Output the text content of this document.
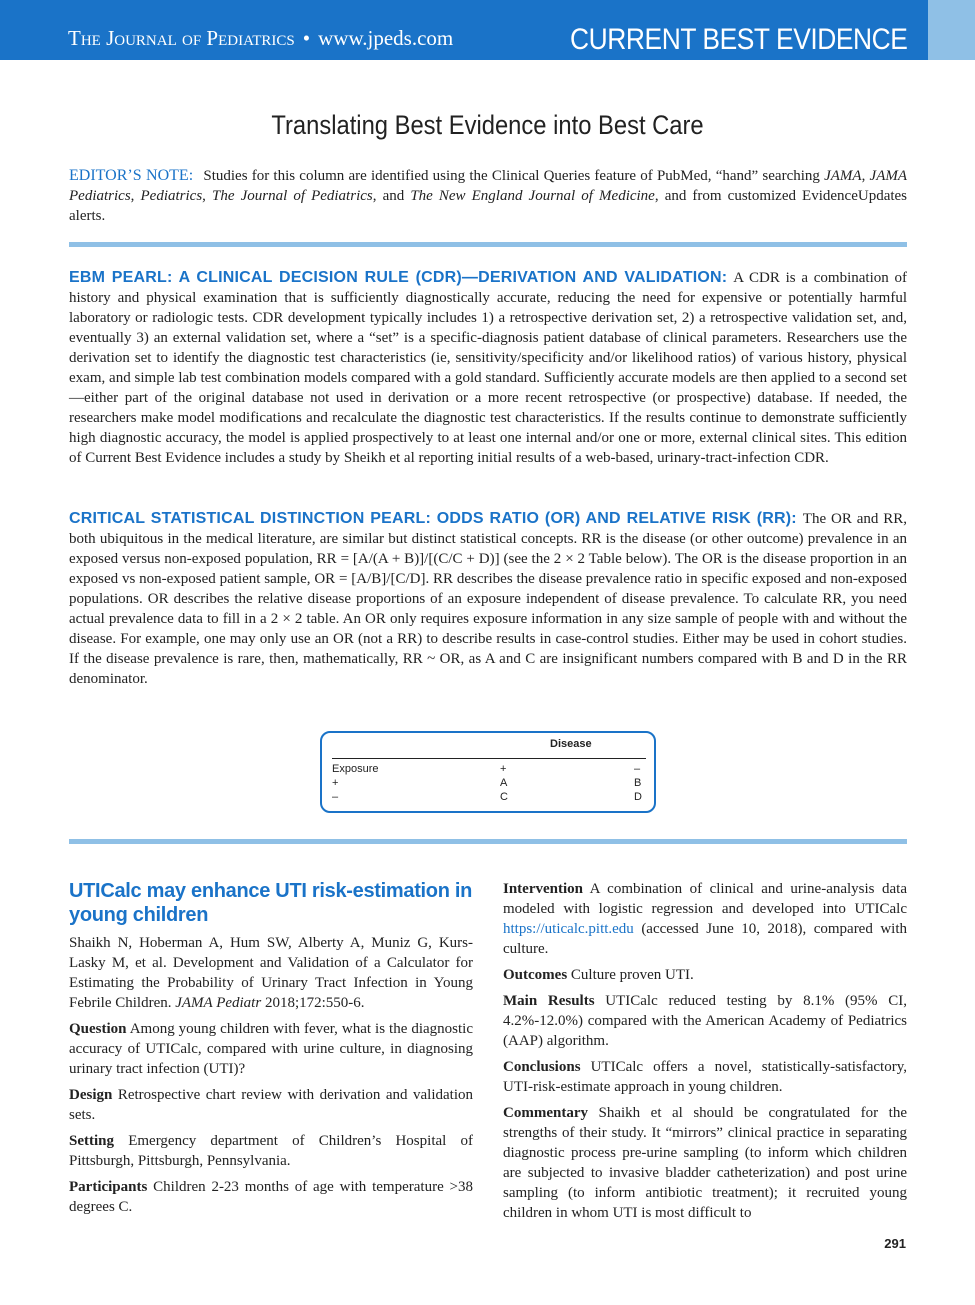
The Journal of Pediatrics • www.jpeds.com	CURRENT BEST EVIDENCE
Translating Best Evidence into Best Care
EDITOR’S NOTE: Studies for this column are identified using the Clinical Queries feature of PubMed, “hand” searching JAMA, JAMA Pediatrics, Pediatrics, The Journal of Pediatrics, and The New England Journal of Medicine, and from customized EvidenceUpdates alerts.
EBM PEARL: A CLINICAL DECISION RULE (CDR)—DERIVATION AND VALIDATION: A CDR is a combination of history and physical examination that is sufficiently diagnostically accurate, reducing the need for expensive or potentially harmful laboratory or radiologic tests. CDR development typically includes 1) a retrospective derivation set, 2) a retrospective validation set, and, eventually 3) an external validation set, where a “set” is a specific-diagnosis patient database of clinical parameters. Researchers use the derivation set to identify the diagnostic test characteristics (ie, sensitivity/specificity and/or likelihood ratios) of various history, physical exam, and simple lab test combination models compared with a gold standard. Sufficiently accurate models are then applied to a second set—either part of the original database not used in derivation or a more recent retrospective (or prospective) database. If needed, the researchers make model modifications and recalculate the diagnostic test characteristics. If the results continue to demonstrate sufficiently high diagnostic accuracy, the model is applied prospectively to at least one internal and/or one or more, external clinical sites. This edition of Current Best Evidence includes a study by Sheikh et al reporting initial results of a web-based, urinary-tract-infection CDR.
CRITICAL STATISTICAL DISTINCTION PEARL: ODDS RATIO (OR) AND RELATIVE RISK (RR): The OR and RR, both ubiquitous in the medical literature, are similar but distinct statistical concepts. RR is the disease (or other outcome) prevalence in an exposed versus non-exposed population, RR = [A/(A + B)]/[(C/C + D)] (see the 2 × 2 Table below). The OR is the disease proportion in an exposed vs non-exposed patient sample, OR = [A/B]/[C/D]. RR describes the disease prevalence ratio in specific exposed and non-exposed populations. OR describes the relative disease proportions of an exposure independent of disease prevalence. To calculate RR, you need actual prevalence data to fill in a 2 × 2 table. An OR only requires exposure information in any size sample of people with and without the disease. For example, one may only use an OR (not a RR) to describe results in case-control studies. Either may be used in cohort studies. If the disease prevalence is rare, then, mathematically, RR ~ OR, as A and C are insignificant numbers compared with B and D in the RR denominator.
Disease
Exposure	+	–
+	A	B
–	C	D
UTICalc may enhance UTI risk-estimation in young children

Shaikh N, Hoberman A, Hum SW, Alberty A, Muniz G, Kurs-Lasky M, et al. Development and Validation of a Calculator for Estimating the Probability of Urinary Tract Infection in Young Febrile Children. JAMA Pediatr 2018;172:550-6.

Question Among young children with fever, what is the diagnostic accuracy of UTICalc, compared with urine culture, in diagnosing urinary tract infection (UTI)?

Design Retrospective chart review with derivation and validation sets.

Setting Emergency department of Children’s Hospital of Pittsburgh, Pittsburgh, Pennsylvania.

Participants Children 2-23 months of age with temperature >38 degrees C.

Intervention A combination of clinical and urine-analysis data modeled with logistic regression and developed into UTICalc https://uticalc.pitt.edu (accessed June 10, 2018), compared with culture.

Outcomes Culture proven UTI.

Main Results UTICalc reduced testing by 8.1% (95% CI, 4.2%-12.0%) compared with the American Academy of Pediatrics (AAP) algorithm.

Conclusions UTICalc offers a novel, statistically-satisfactory, UTI-risk-estimate approach in young children.

Commentary Shaikh et al should be congratulated for the strengths of their study. It “mirrors” clinical practice in separating diagnostic process pre-urine sampling (to inform which children are subjected to invasive bladder catheterization) and post urine sampling (to inform antibiotic treatment); it recruited young children in whom UTI is most difficult to

291
